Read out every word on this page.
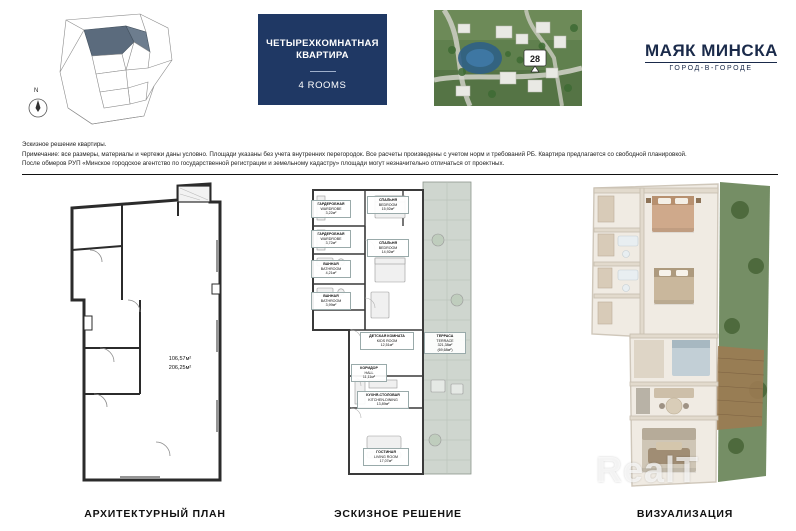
N
ЧЕТЫРЕХКОМНАТНАЯ
КВАРТИРА
4 ROOMS
28	МАЯК МИНСКА
ГОРОД-В-ГОРОДЕ
Эскизное решение квартиры.
Примечание: все размеры, материалы и чертежи даны условно. Площади указаны без учета внутренних перегородок. Все расчеты произведены с учетом норм и требований РБ. Квартира предлагается со свободной планировкой.
После обмеров РУП «Минское городское агентство по государственной регистрации и земельному кадастру» площади могут незначительно отличаться от проектных.
106,57м²
206,25м²
АРХИТЕКТУРНЫЙ ПЛАН
ГАРДЕРОБНАЯ
WARDROBE
3,22м²
ГАРДЕРОБНАЯ
WARDROBE
3,72м²
ВАННАЯ
BATHROOM
4,21м²
ВАННАЯ
BATHROOM
3,99м²
СПАЛЬНЯ
BEDROOM
15,92м²
СПАЛЬНЯ
BEDROOM
14,92м²
ДЕТСКАЯ КОМНАТА
KIDS ROOM
12,51м²
ТЕРРАСА
TERRACE
321,38м²
(69,68м²)
КОРИДОР
HALL
11,11м²
КУХНЯ-СТОЛОВАЯ
KITCHEN-DINING
13,89м²
ГОСТИНАЯ
LIVING ROOM
17,07м²
ЭСКИЗНОЕ РЕШЕНИЕ	ВИЗУАЛИЗАЦИЯ
RealT
